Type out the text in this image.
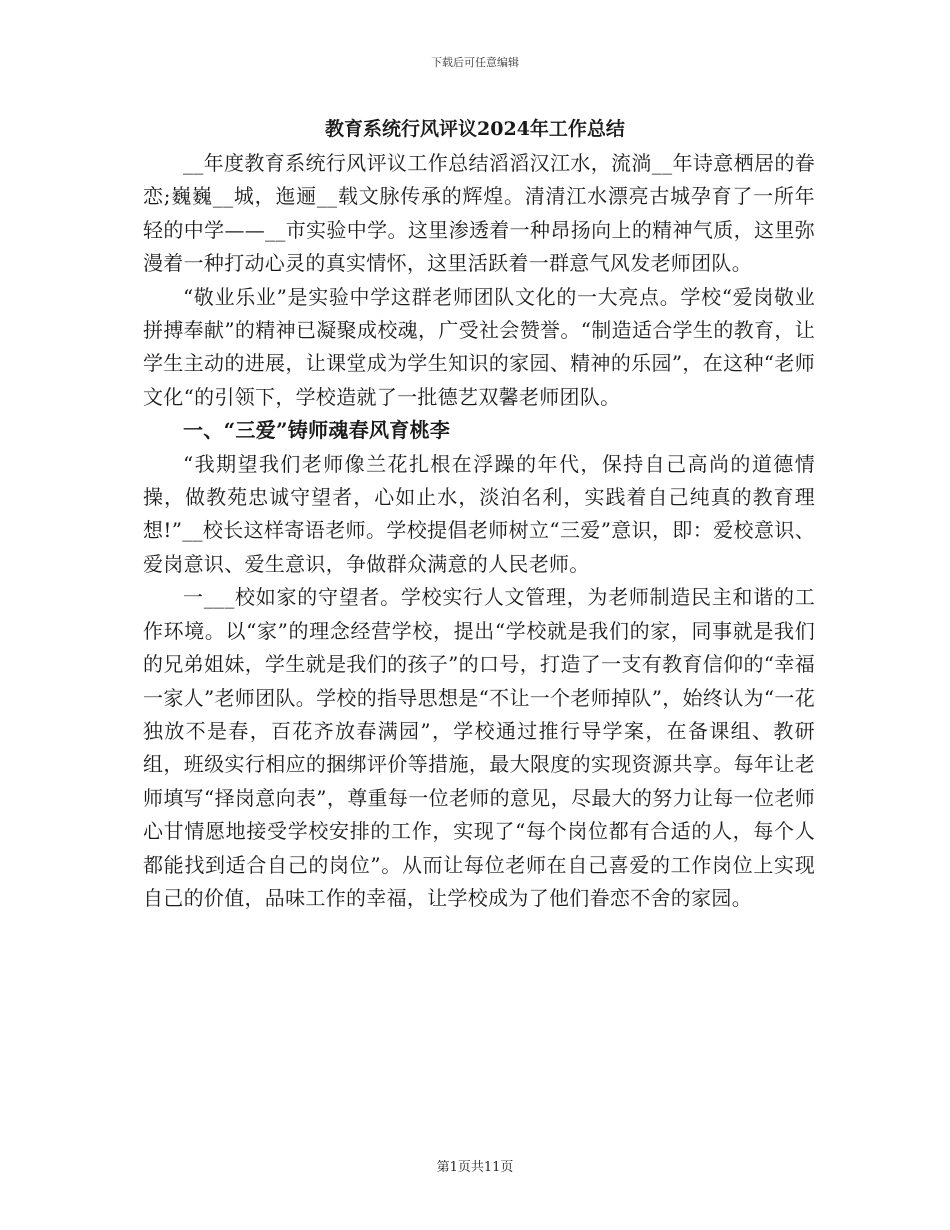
下载后可任意编辑
教育系统行风评议2024年工作总结

__年度教育系统行风评议工作总结滔滔汉江水，流淌__年诗意栖居的眷恋;巍巍__城，迤逦__载文脉传承的辉煌。清清江水漂亮古城孕育了一所年轻的中学——__市实验中学。这里渗透着一种昂扬向上的精神气质，这里弥漫着一种打动心灵的真实情怀，这里活跃着一群意气风发老师团队。

“敬业乐业”是实验中学这群老师团队文化的一大亮点。学校“爱岗敬业拼搏奉献”的精神已凝聚成校魂，广受社会赞誉。“制造适合学生的教育，让学生主动的进展，让课堂成为学生知识的家园、精神的乐园”，在这种“老师文化“的引领下，学校造就了一批德艺双馨老师团队。

一、“三爱”铸师魂春风育桃李

“我期望我们老师像兰花扎根在浮躁的年代，保持自己高尚的道德情操，做教苑忠诚守望者，心如止水，淡泊名利，实践着自己纯真的教育理想!”__校长这样寄语老师。学校提倡老师树立“三爱”意识，即：爱校意识、爱岗意识、爱生意识，争做群众满意的人民老师。

一___校如家的守望者。学校实行人文管理，为老师制造民主和谐的工作环境。以“家”的理念经营学校，提出“学校就是我们的家，同事就是我们的兄弟姐妹，学生就是我们的孩子”的口号，打造了一支有教育信仰的“幸福一家人”老师团队。学校的指导思想是“不让一个老师掉队”，始终认为“一花独放不是春，百花齐放春满园”，学校通过推行导学案，在备课组、教研组，班级实行相应的捆绑评价等措施，最大限度的实现资源共享。每年让老师填写“择岗意向表”，尊重每一位老师的意见，尽最大的努力让每一位老师心甘情愿地接受学校安排的工作，实现了“每个岗位都有合适的人，每个人都能找到适合自己的岗位”。从而让每位老师在自己喜爱的工作岗位上实现自己的价值，品味工作的幸福，让学校成为了他们眷恋不舍的家园。

第1页共11页
